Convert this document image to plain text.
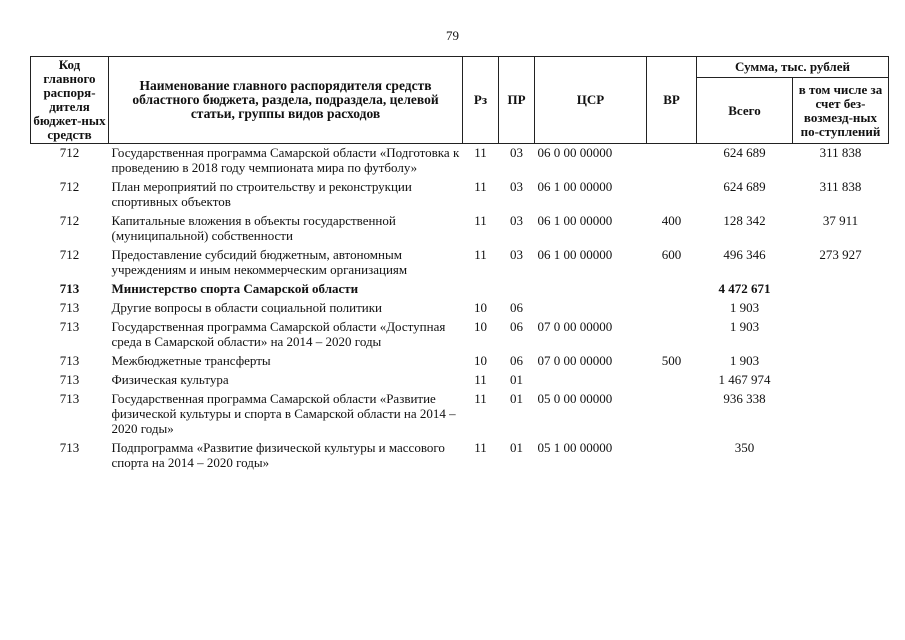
79
Код главного распоря-дителя бюджет-ных средств	Наименование главного распорядителя средств областного бюджета, раздела, подраздела, целевой статьи, группы видов расходов	Рз	ПР	ЦСР	ВР	Сумма, тыс. рублей	
						Всего	в том числе за счет без-возмезд-ных по-ступлений
712	Государственная программа Самарской области «Подготовка к проведению в 2018 году чемпионата мира по футболу»	11	03	06 0 00 00000		624 689	311 838
712	План мероприятий по строительству и реконструкции спортивных объектов	11	03	06 1 00 00000		624 689	311 838
712	Капитальные вложения в объекты государственной (муниципальной) собственности	11	03	06 1 00 00000	400	128 342	37 911
712	Предоставление субсидий бюджетным, автономным учреждениям и иным некоммерческим организациям	11	03	06 1 00 00000	600	496 346	273 927
713	Министерство спорта Самарской области					4 472 671	
713	Другие вопросы в области социальной политики	10	06			1 903	
713	Государственная программа Самарской области «Доступная среда в Самарской области» на 2014 – 2020 годы	10	06	07 0 00 00000		1 903	
713	Межбюджетные трансферты	10	06	07 0 00 00000	500	1 903	
713	Физическая культура	11	01			1 467 974	
713	Государственная программа Самарской области «Развитие физической культуры и спорта в Самарской области на 2014 – 2020 годы»	11	01	05 0 00 00000		936 338	
713	Подпрограмма «Развитие физической культуры и массового спорта на 2014 – 2020 годы»	11	01	05 1 00 00000		350	
